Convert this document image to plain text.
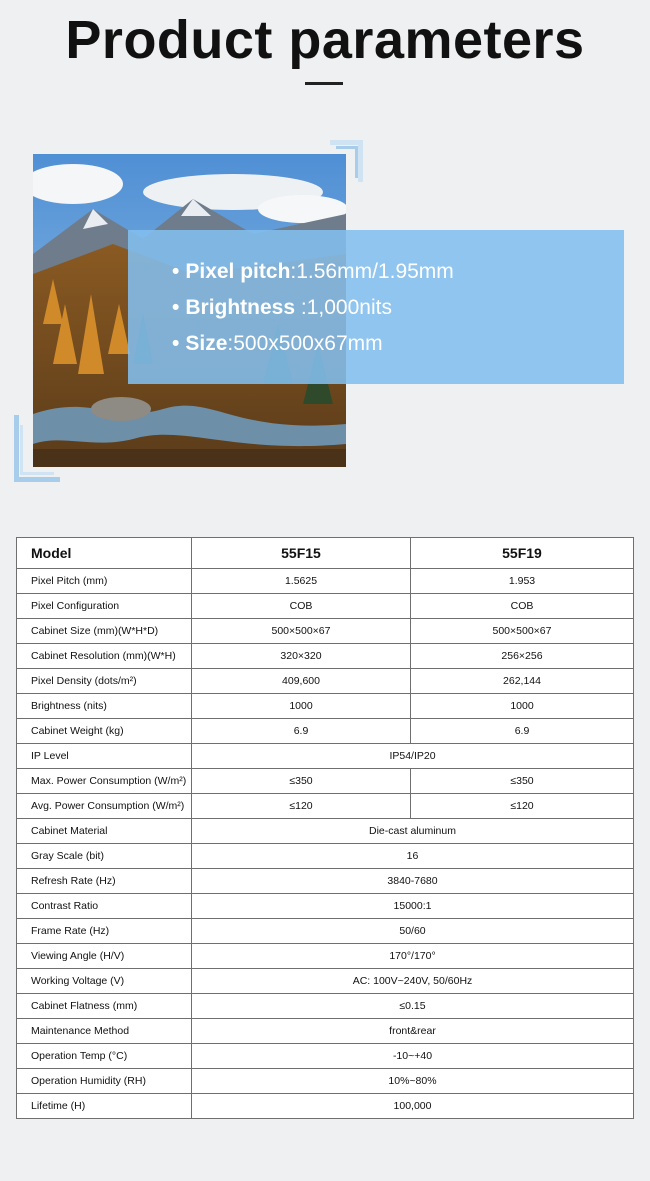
Product parameters
• Pixel pitch:1.56mm/1.95mm
• Brightness :1,000nits
• Size:500x500x67mm
Model	55F15	55F19
Pixel Pitch (mm)	1.5625	1.953
Pixel Configuration	COB	COB
Cabinet Size (mm)(W*H*D)	500×500×67	500×500×67
Cabinet Resolution (mm)(W*H)	320×320	256×256
Pixel Density (dots/m²)	409,600	262,144
Brightness (nits)	1000	1000
Cabinet Weight (kg)	6.9	6.9
IP Level	IP54/IP20	
Max. Power Consumption (W/m²)	≤350	≤350
Avg. Power Consumption (W/m²)	≤120	≤120
Cabinet Material	Die-cast aluminum	
Gray Scale (bit)	16	
Refresh Rate (Hz)	3840-7680	
Contrast Ratio	15000:1	
Frame Rate (Hz)	50/60	
Viewing Angle (H/V)	170°/170°	
Working Voltage (V)	AC: 100V~240V, 50/60Hz	
Cabinet Flatness (mm)	≤0.15	
Maintenance Method	front&rear	
Operation Temp (°C)	-10~+40	
Operation Humidity (RH)	10%~80%	
Lifetime (H)	100,000	
